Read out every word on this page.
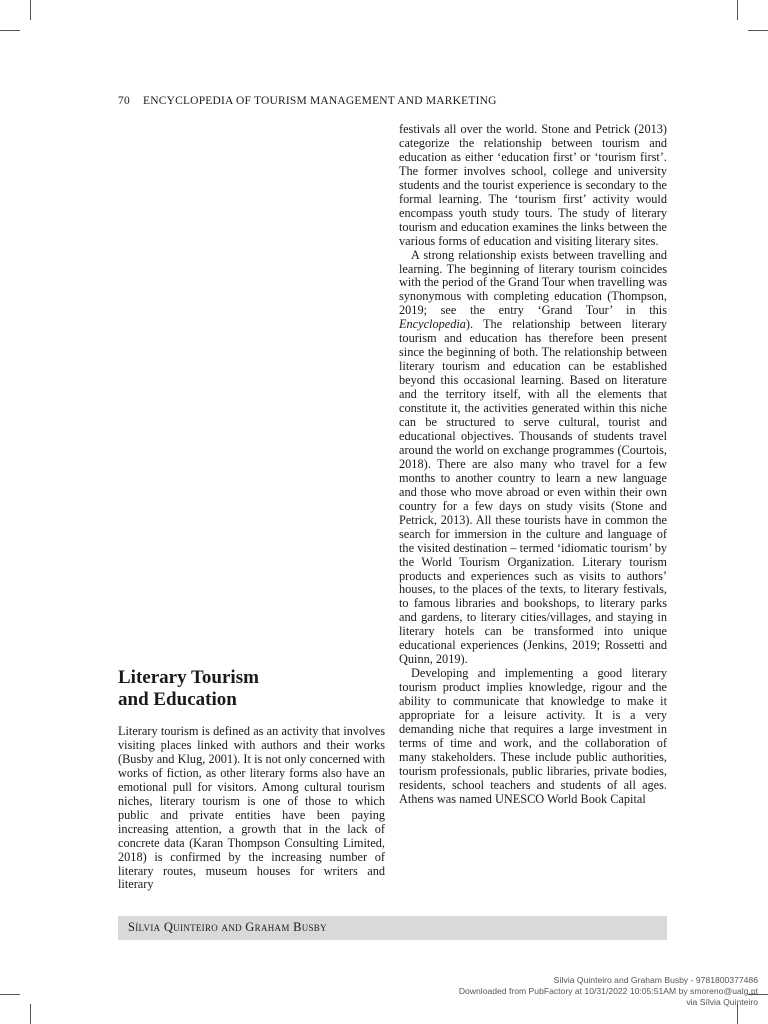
70 ENCYCLOPEDIA OF TOURISM MANAGEMENT AND MARKETING

festivals all over the world. Stone and Petrick (2013) categorize the relationship between tourism and education as either ‘education first’ or ‘tourism first’. The former involves school, college and university students and the tourist experience is secondary to the formal learning. The ‘tourism first’ activity would encompass youth study tours. The study of literary tourism and education examines the links between the various forms of education and visiting literary sites.

A strong relationship exists between travelling and learning. The beginning of literary tourism coincides with the period of the Grand Tour when travelling was synonymous with completing education (Thompson, 2019; see the entry ‘Grand Tour’ in this Encyclopedia). The relationship between literary tourism and education has therefore been present since the beginning of both. The relationship between literary tourism and education can be established beyond this occasional learning. Based on literature and the territory itself, with all the elements that constitute it, the activities generated within this niche can be structured to serve cultural, tourist and educational objectives. Thousands of students travel around the world on exchange programmes (Courtois, 2018). There are also many who travel for a few months to another country to learn a new language and those who move abroad or even within their own country for a few days on study visits (Stone and Petrick, 2013). All these tourists have in common the search for immersion in the culture and language of the visited destination – termed ‘idiomatic tourism’ by the World Tourism Organization. Literary tourism products and experiences such as visits to authors’ houses, to the places of the texts, to literary festivals, to famous libraries and bookshops, to literary parks and gardens, to literary cities/villages, and staying in literary hotels can be transformed into unique educational experiences (Jenkins, 2019; Rossetti and Quinn, 2019).

Developing and implementing a good literary tourism product implies knowledge, rigour and the ability to communicate that knowledge to make it appropriate for a leisure activity. It is a very demanding niche that requires a large investment in terms of time and work, and the collaboration of many stakeholders. These include public authorities, tourism professionals, public libraries, private bodies, residents, school teachers and students of all ages. Athens was named UNESCO World Book Capital

Literary Tourism
and Education

Literary tourism is defined as an activity that involves visiting places linked with authors and their works (Busby and Klug, 2001). It is not only concerned with works of fiction, as other literary forms also have an emotional pull for visitors. Among cultural tourism niches, literary tourism is one of those to which public and private entities have been paying increasing attention, a growth that in the lack of concrete data (Karan Thompson Consulting Limited, 2018) is confirmed by the increasing number of literary routes, museum houses for writers and literary

Sílvia Quinteiro and Graham Busby
Sílvia Quinteiro and Graham Busby - 9781800377486
Downloaded from PubFactory at 10/31/2022 10:05:51AM by smoreno@ualg.pt
via Sílvia Quinteiro
